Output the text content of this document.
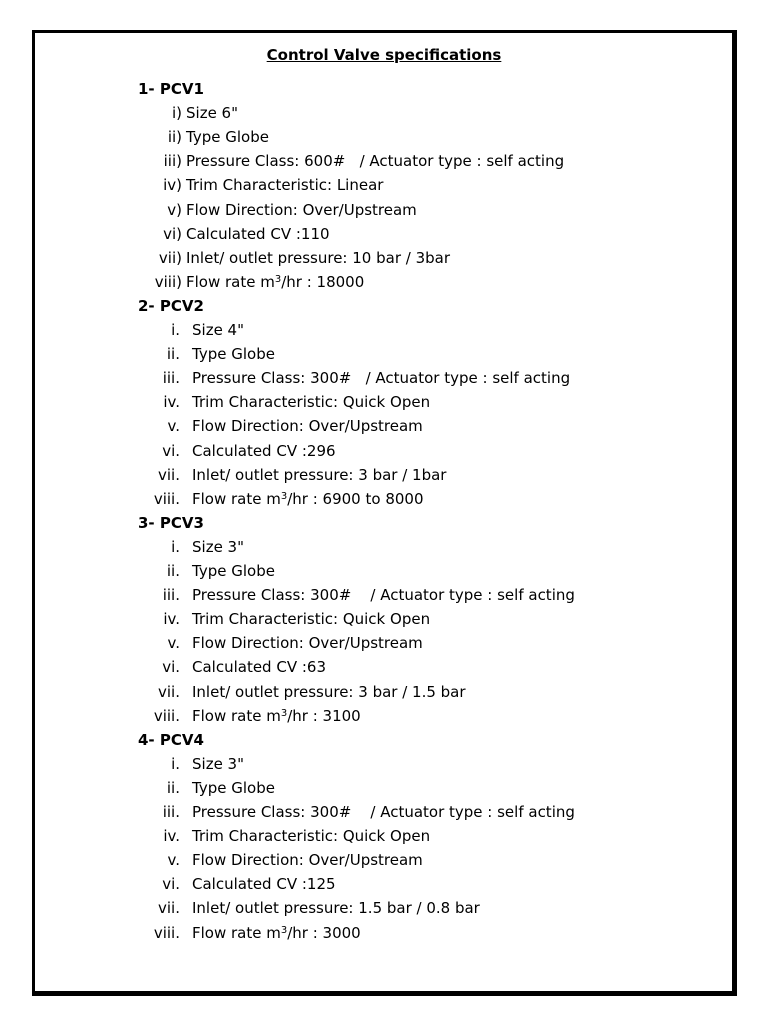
Control Valve specifications
1- PCV1
i) Size 6"
ii) Type Globe
iii) Pressure Class: 600#   / Actuator type : self acting
iv) Trim Characteristic: Linear
v) Flow Direction: Over/Upstream
vi) Calculated CV :110
vii) Inlet/ outlet pressure: 10 bar / 3bar
viii) Flow rate $m^3/hr$ : 18000
2- PCV2
i. Size 4"
ii. Type Globe
iii. Pressure Class: 300#   / Actuator type : self acting
iv. Trim Characteristic: Quick Open
v. Flow Direction: Over/Upstream
vi. Calculated CV :296
vii. Inlet/ outlet pressure: 3 bar / 1bar
viii. Flow rate $m^3/hr$ : 6900 to 8000
3- PCV3
i. Size 3"
ii. Type Globe
iii. Pressure Class: 300#    / Actuator type : self acting
iv. Trim Characteristic: Quick Open
v. Flow Direction: Over/Upstream
vi. Calculated CV :63
vii. Inlet/ outlet pressure: 3 bar / 1.5 bar
viii. Flow rate $m^3/hr$ : 3100
4- PCV4
i. Size 3"
ii. Type Globe
iii. Pressure Class: 300#    / Actuator type : self acting
iv. Trim Characteristic: Quick Open
v. Flow Direction: Over/Upstream
vi. Calculated CV :125
vii. Inlet/ outlet pressure: 1.5 bar / 0.8 bar
viii. Flow rate $m^3/hr$ : 3000
